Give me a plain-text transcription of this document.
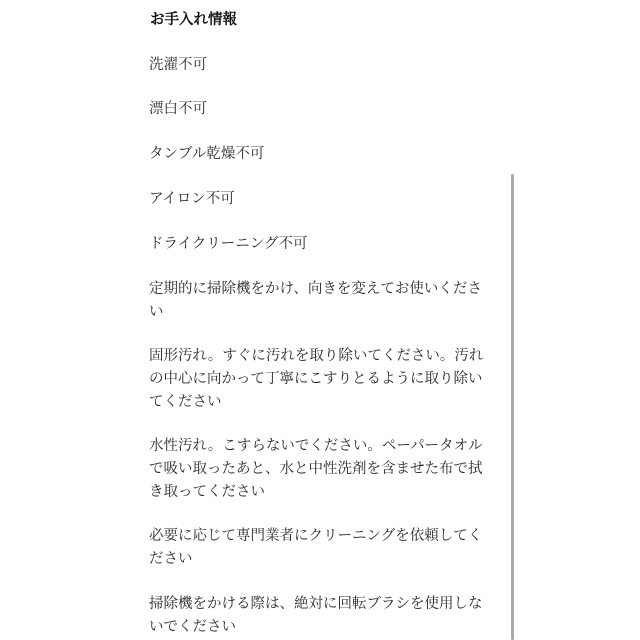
お手入れ情報
洗濯不可
漂白不可
タンブル乾燥不可
アイロン不可
ドライクリーニング不可
定期的に掃除機をかけ、向きを変えてお使いくださ
い
固形汚れ。すぐに汚れを取り除いてください。汚れ
の中心に向かって丁寧にこすりとるように取り除い
てください
水性汚れ。こすらないでください。ペーパータオル
で吸い取ったあと、水と中性洗剤を含ませた布で拭
き取ってください
必要に応じて専門業者にクリーニングを依頼してく
ださい
掃除機をかける際は、絶対に回転ブラシを使用しな
いでください
